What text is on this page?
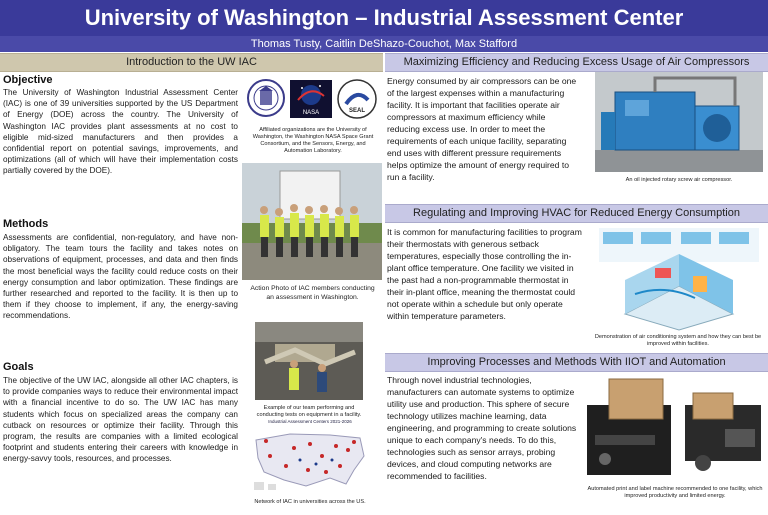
University of Washington – Industrial Assessment Center
Thomas Tusty, Caitlin DeShazo-Couchot, Max Stafford
Introduction to the UW IAC
Objective
The University of Washington Industrial Assessment Center (IAC) is one of 39 universities supported by the US Department of Energy (DOE) across the country. The University of Washington IAC provides plant assessments at no cost to eligible mid-sized manufacturers and then provides a confidential report on potential savings, improvements, and optimizations (all of which will have their implementation costs partially covered by the DOE).
Methods
Assessments are confidential, non-regulatory, and have non-obligatory. The team tours the facility and takes notes on observations of equipment, processes, and data and then finds the most beneficial ways the facility could reduce costs on their energy consumption and labor optimization. These findings are further researched and reported to the facility. It is then up to them if they choose to implement, if any, the energy-saving recommendations.
Goals
The objective of the UW IAC, alongside all other IAC chapters, is to provide companies ways to reduce their environmental impact with a financial incentive to do so. The UW IAC has many students which focus on specialized areas the company can cutback on resources or optimize their facility. Through this program, the results are companies with a limited ecological footprint and students entering their careers with knowledge in energy-savvy tools, resources, and processes.
NASA	SEAL
Affiliated organizations are the University of Washington, the Washington NASA Space Grant Consortium, and the Sensors, Energy, and Automation Laboratory.
Action Photo of IAC members conducting an assessment in Washington.
Example of our team performing and conducting tests on equipment in a facility.
Industrial Assessment Centers 2021-2026
Network of IAC in universities across the US.
Maximizing Efficiency and Reducing Excess Usage of Air Compressors
Energy consumed by air compressors can be one of the largest expenses within a manufacturing facility. It is important that facilities operate air compressors at maximum efficiency while reducing excess use. In order to meet the requirements of each unique facility, separating end uses with different pressure requirements helps optimize the amount of energy required to run a facility.	An oil injected rotary screw air compressor.
Regulating and Improving HVAC for Reduced Energy Consumption
It is common for manufacturing facilities to program their thermostats with generous setback temperatures, especially those controlling the in-plant office temperature. One facility we visited in the past had a non-programmable thermostat in their in-plant office, meaning the thermostat could not operate within a schedule but only operate within temperature parameters.
Demonstration of air conditioning system and how they can best be improved within facilities.
Improving Processes and Methods With IIOT and Automation
Through novel industrial technologies, manufacturers can automate systems to optimize utility use and production. This sphere of secure technology utilizes machine learning, data engineering, and programming to create solutions unique to each company's needs. To do this, technologies such as sensor arrays, probing devices, and cloud computing networks are recommended to facilities.
Automated print and label machine recommended to one facility, which improved productivity and limited energy.
